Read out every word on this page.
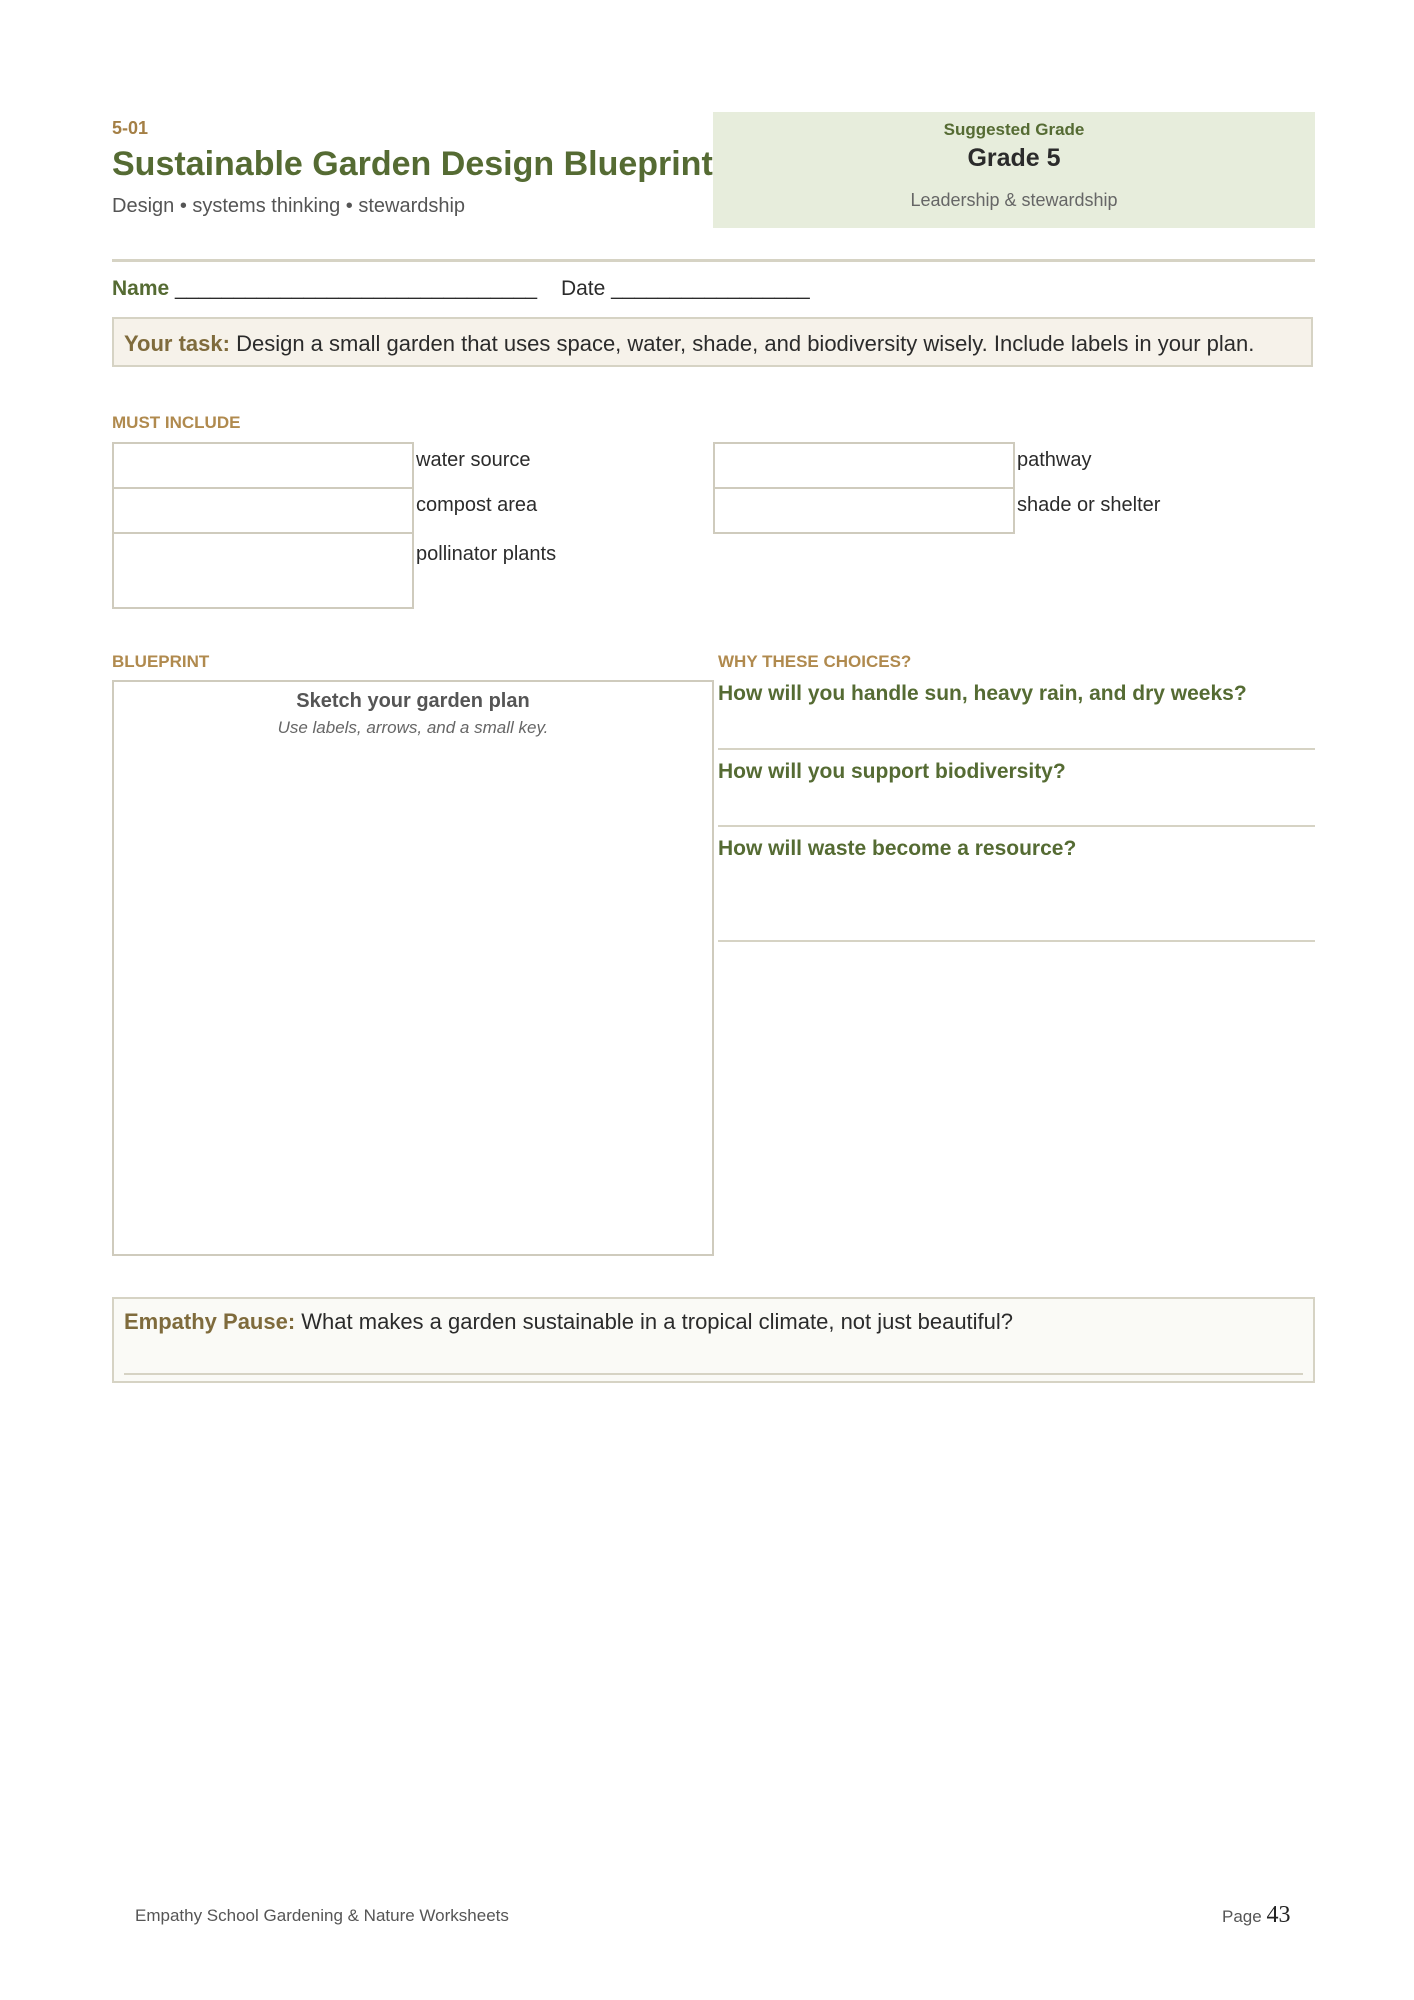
5-01
Sustainable Garden Design Blueprint
Design • systems thinking • stewardship
Suggested Grade
Grade 5
Leadership & stewardship
Name _______________________________ Date _________________
Your task: Design a small garden that uses space, water, shade, and biodiversity wisely. Include labels in your plan.
MUST INCLUDE
water source
compost area
pollinator plants
pathway
shade or shelter
BLUEPRINT
Sketch your garden plan
Use labels, arrows, and a small key.
WHY THESE CHOICES?
How will you handle sun, heavy rain, and dry weeks?
How will you support biodiversity?
How will waste become a resource?
Empathy Pause: What makes a garden sustainable in a tropical climate, not just beautiful?
Empathy School Gardening & Nature Worksheets	Page 43
